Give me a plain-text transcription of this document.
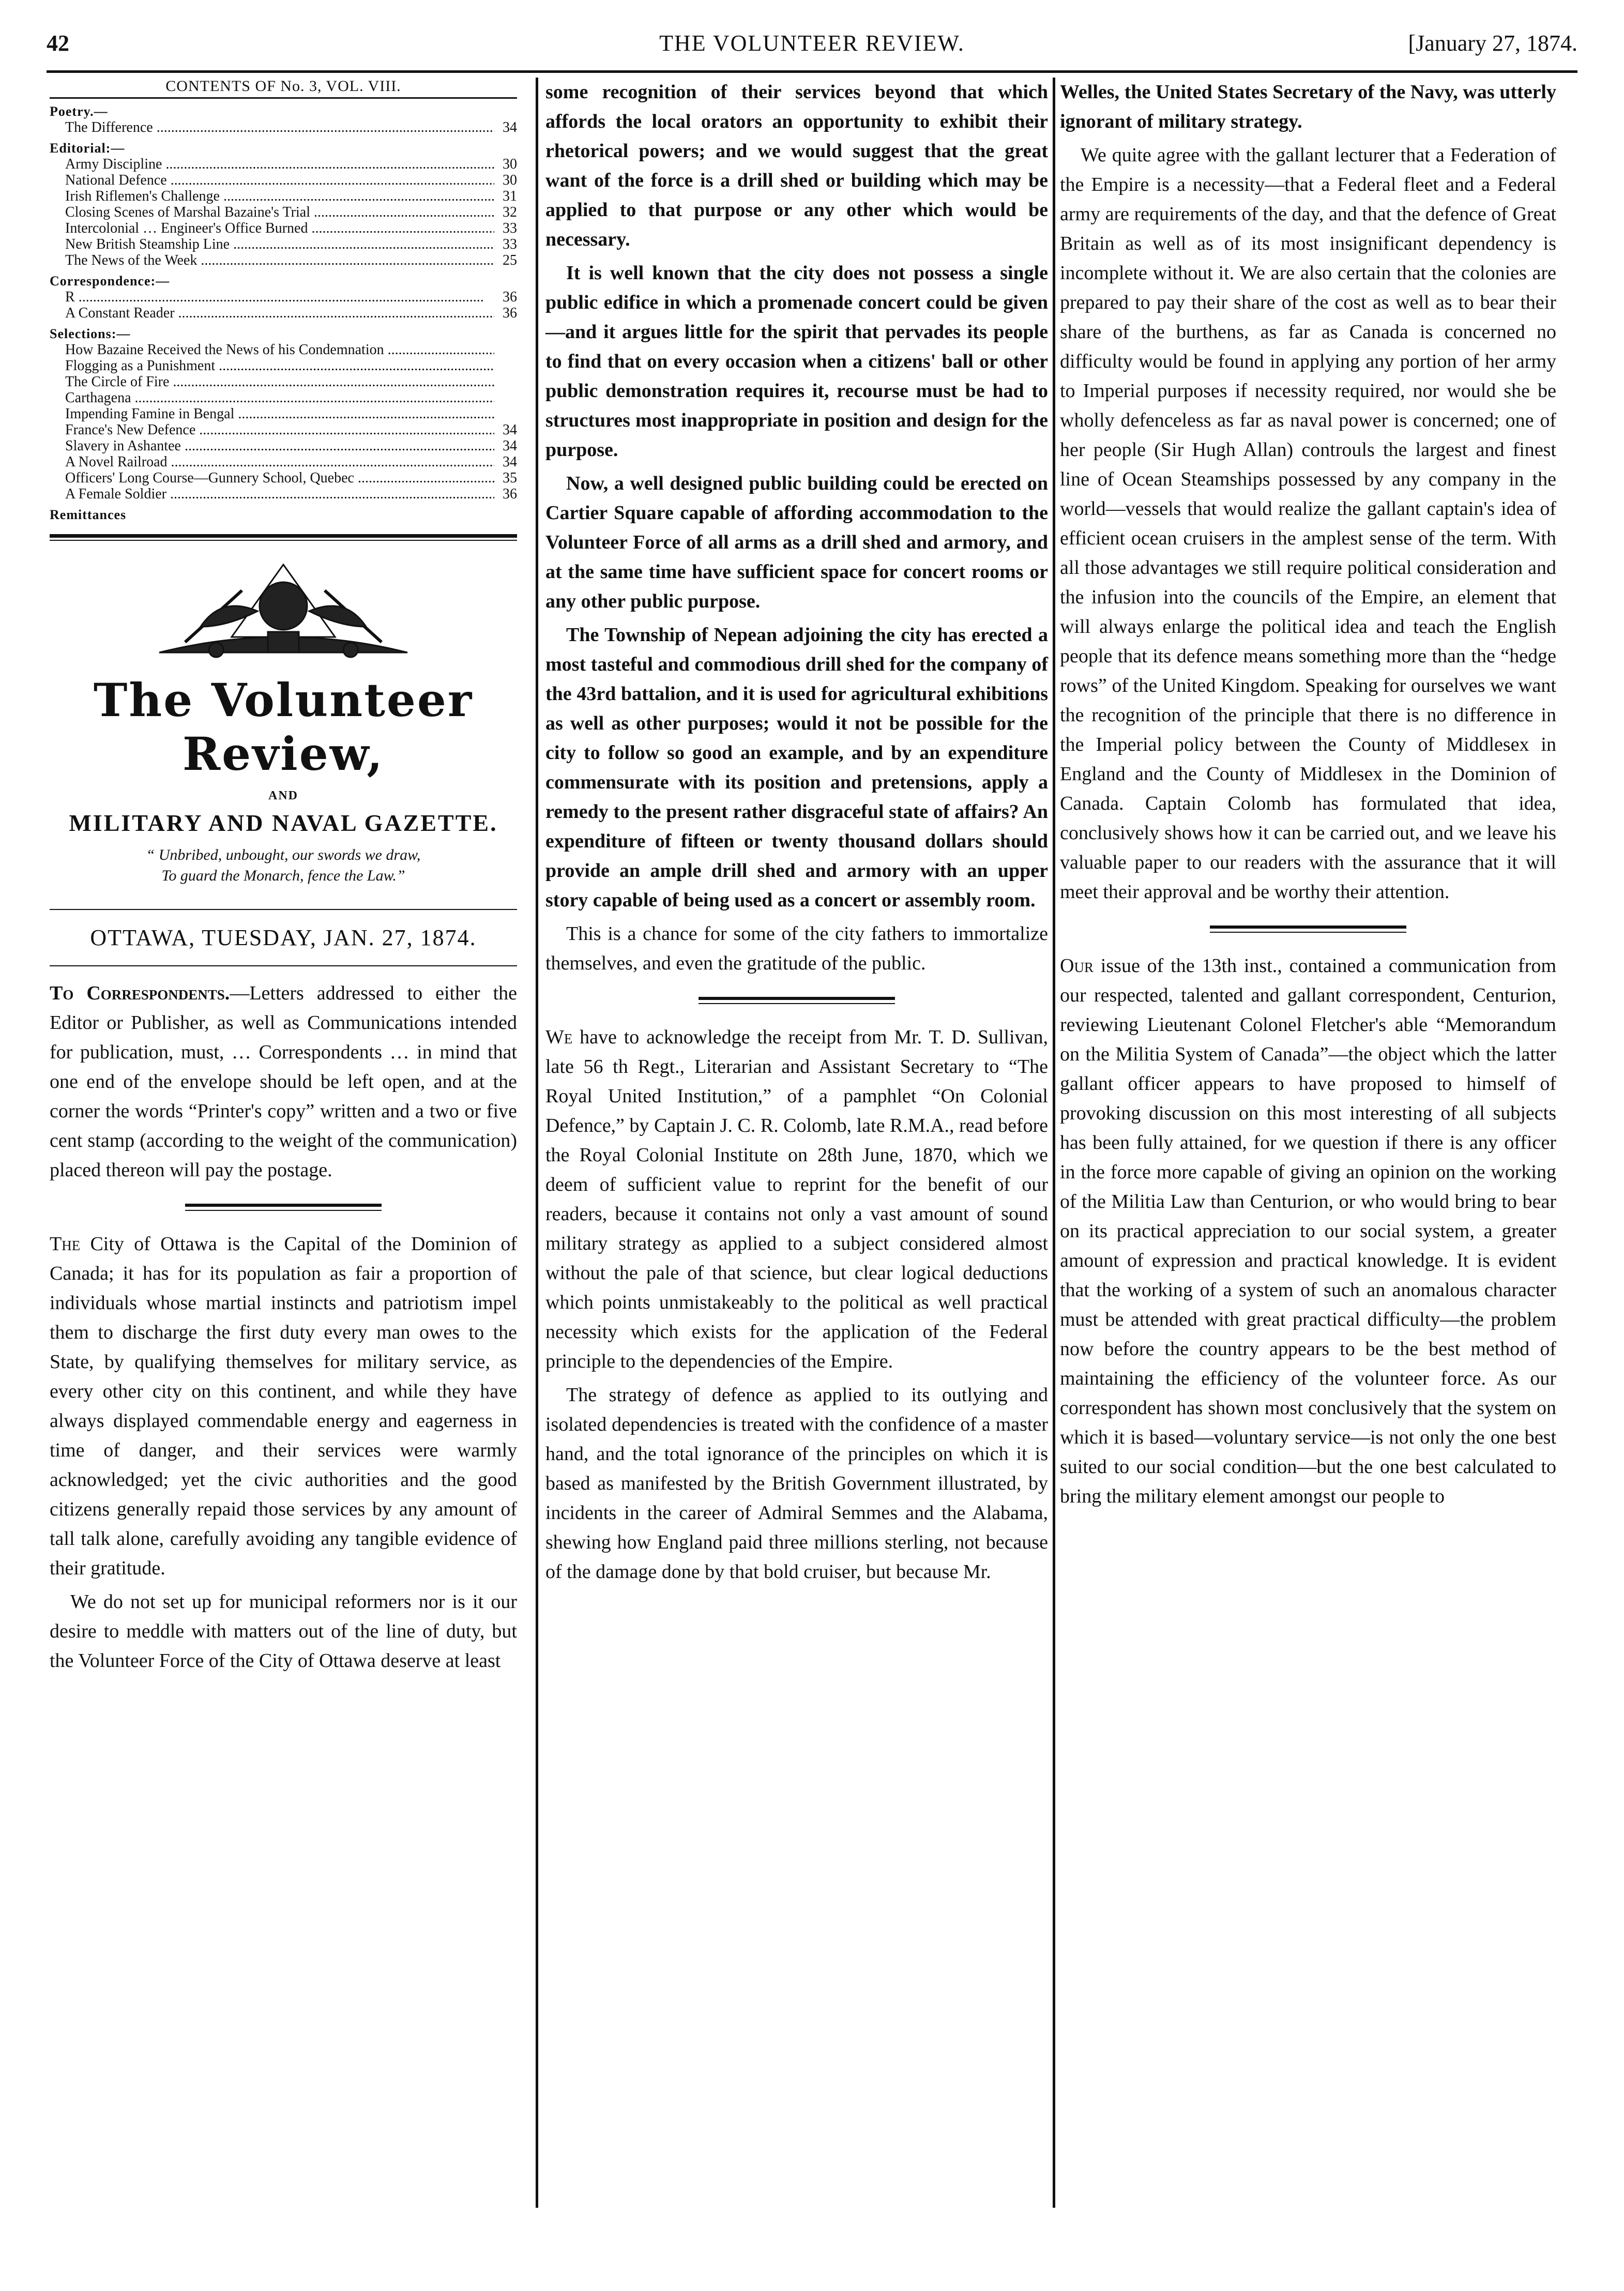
42	THE VOLUNTEER REVIEW.	[January 27, 1874.
CONTENTS OF No. 3, VOL. VIII.
Poetry.—
The Difference .....	34
Editorial:—
Army Discipline .....	30
National Defence .....	30
Irish Riflemen's Challenge .....	31
Closing Scenes of Marshal Bazaine's Trial .....	32
Intercolonial … Engineer's Office Burned .....	33
New British Steamship Line .....	33
The News of the Week .....	25
Correspondence:—
R .....	36
A Constant Reader .....	36
Selections:—
How Bazaine Received the News of his Condemnation .....
Flogging as a Punishment .....
The Circle of Fire .....
Carthagena .....
Impending Famine in Bengal .....
France's New Defence .....	34
Slavery in Ashantee .....	34
A Novel Railroad .....	34
Officers' Long Course—Gunnery School, Quebec .....	35
A Female Soldier .....	36
Remittances
The Volunteer Review,
AND
MILITARY AND NAVAL GAZETTE.
“ Unbribed, unbought, our swords we draw,
To guard the Monarch, fence the Law.”
OTTAWA, TUESDAY, JAN. 27, 1874.

To Correspondents.—Letters addressed to either the Editor or Publisher, as well as Communications intended for publication, must, … Correspondents … in mind that one end of the envelope should be left open, and at the corner the words “Printer's copy” written and a two or five cent stamp (according to the weight of the communication) placed thereon will pay the postage.

The City of Ottawa is the Capital of the Dominion of Canada; it has for its population as fair a proportion of individuals whose martial instincts and patriotism impel them to discharge the first duty every man owes to the State, by qualifying themselves for military service, as every other city on this continent, and while they have always displayed commendable energy and eagerness in time of danger, and their services were warmly acknowledged; yet the civic authorities and the good citizens generally repaid those services by any amount of tall talk alone, carefully avoiding any tangible evidence of their gratitude.

We do not set up for municipal reformers nor is it our desire to meddle with matters out of the line of duty, but the Volunteer Force of the City of Ottawa deserve at least

some recognition of their services beyond that which affords the local orators an opportunity to exhibit their rhetorical powers; and we would suggest that the great want of the force is a drill shed or building which may be applied to that purpose or any other which would be necessary.

It is well known that the city does not possess a single public edifice in which a promenade concert could be given—and it argues little for the spirit that pervades its people to find that on every occasion when a citizens' ball or other public demonstration requires it, recourse must be had to structures most inappropriate in position and design for the purpose.

Now, a well designed public building could be erected on Cartier Square capable of affording accommodation to the Volunteer Force of all arms as a drill shed and armory, and at the same time have sufficient space for concert rooms or any other public purpose.

The Township of Nepean adjoining the city has erected a most tasteful and commodious drill shed for the company of the 43rd battalion, and it is used for agricultural exhibitions as well as other purposes; would it not be possible for the city to follow so good an example, and by an expenditure commensurate with its position and pretensions, apply a remedy to the present rather disgraceful state of affairs? An expenditure of fifteen or twenty thousand dollars should provide an ample drill shed and armory with an upper story capable of being used as a concert or assembly room.

This is a chance for some of the city fathers to immortalize themselves, and even the gratitude of the public.

We have to acknowledge the receipt from Mr. T. D. Sullivan, late 56 th Regt., Literarian and Assistant Secretary to “The Royal United Institution,” of a pamphlet “On Colonial Defence,” by Captain J. C. R. Colomb, late R.M.A., read before the Royal Colonial Institute on 28th June, 1870, which we deem of sufficient value to reprint for the benefit of our readers, because it contains not only a vast amount of sound military strategy as applied to a subject considered almost without the pale of that science, but clear logical deductions which points unmistakeably to the political as well practical necessity which exists for the application of the Federal principle to the dependencies of the Empire.

The strategy of defence as applied to its outlying and isolated dependencies is treated with the confidence of a master hand, and the total ignorance of the principles on which it is based as manifested by the British Government illustrated, by incidents in the career of Admiral Semmes and the Alabama, shewing how England paid three millions sterling, not because of the damage done by that bold cruiser, but because Mr.

Welles, the United States Secretary of the Navy, was utterly ignorant of military strategy.

We quite agree with the gallant lecturer that a Federation of the Empire is a necessity—that a Federal fleet and a Federal army are requirements of the day, and that the defence of Great Britain as well as of its most insignificant dependency is incomplete without it. We are also certain that the colonies are prepared to pay their share of the cost as well as to bear their share of the burthens, as far as Canada is concerned no difficulty would be found in applying any portion of her army to Imperial purposes if necessity required, nor would she be wholly defenceless as far as naval power is concerned; one of her people (Sir Hugh Allan) controuls the largest and finest line of Ocean Steamships possessed by any company in the world—vessels that would realize the gallant captain's idea of efficient ocean cruisers in the amplest sense of the term. With all those advantages we still require political consideration and the infusion into the councils of the Empire, an element that will always enlarge the political idea and teach the English people that its defence means something more than the “hedge rows” of the United Kingdom. Speaking for ourselves we want the recognition of the principle that there is no difference in the Imperial policy between the County of Middlesex in England and the County of Middlesex in the Dominion of Canada. Captain Colomb has formulated that idea, conclusively shows how it can be carried out, and we leave his valuable paper to our readers with the assurance that it will meet their approval and be worthy their attention.

Our issue of the 13th inst., contained a communication from our respected, talented and gallant correspondent, Centurion, reviewing Lieutenant Colonel Fletcher's able “Memorandum on the Militia System of Canada”—the object which the latter gallant officer appears to have proposed to himself of provoking discussion on this most interesting of all subjects has been fully attained, for we question if there is any officer in the force more capable of giving an opinion on the working of the Militia Law than Centurion, or who would bring to bear on its practical appreciation to our social system, a greater amount of expression and practical knowledge. It is evident that the working of a system of such an anomalous character must be attended with great practical difficulty—the problem now before the country appears to be the best method of maintaining the efficiency of the volunteer force. As our correspondent has shown most conclusively that the system on which it is based—voluntary service—is not only the one best suited to our social condition—but the one best calculated to bring the military element amongst our people to
